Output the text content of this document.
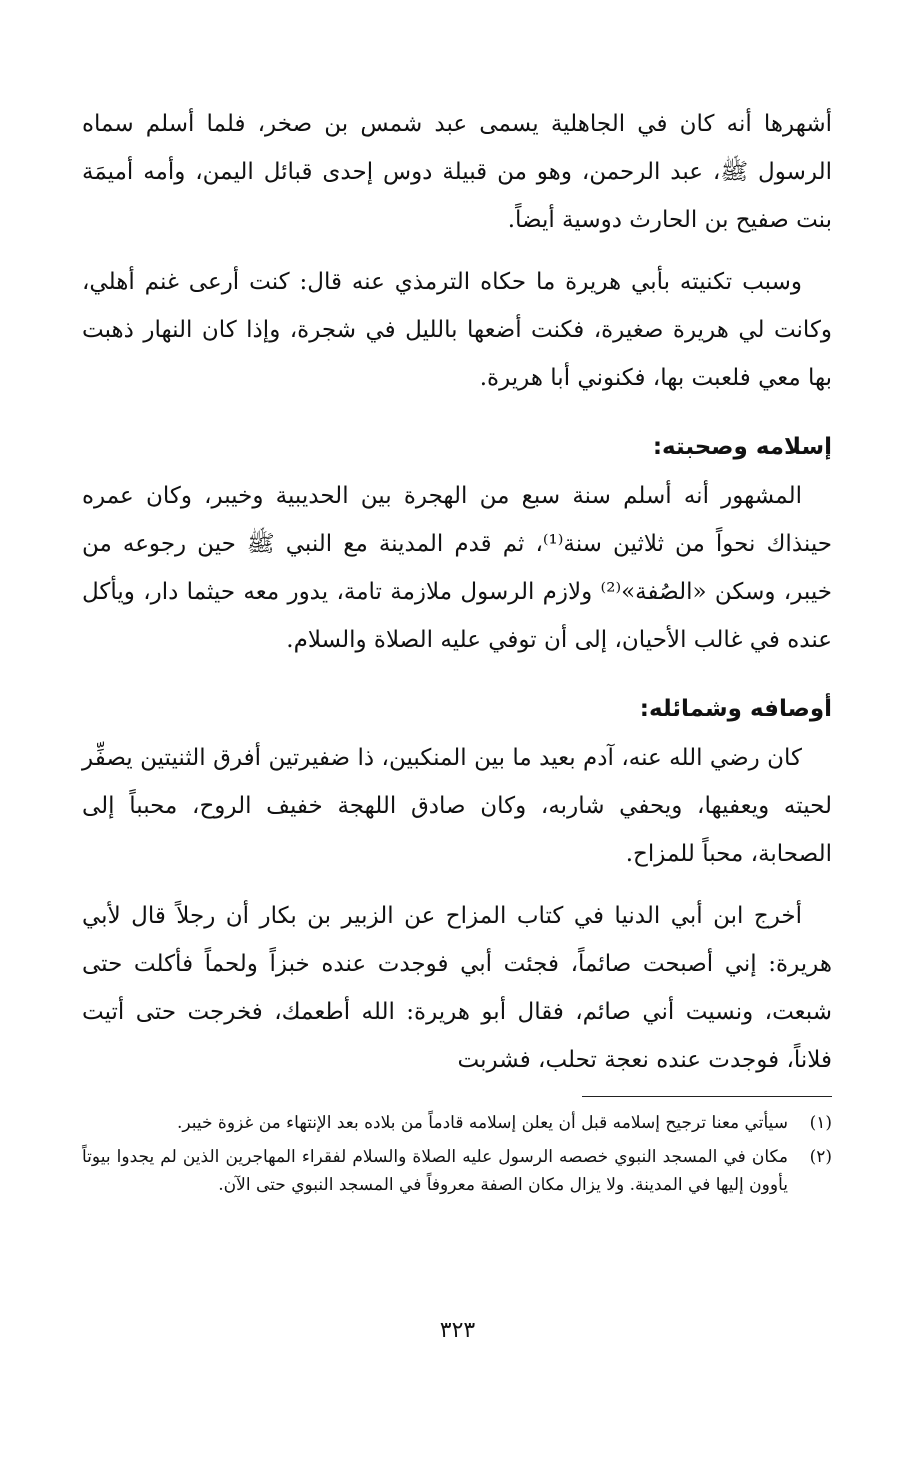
أشهرها أنه كان في الجاهلية يسمى عبد شمس بن صخر، فلما أسلم سماه الرسول ﷺ، عبد الرحمن، وهو من قبيلة دوس إحدى قبائل اليمن، وأمه أميمَة بنت صفيح بن الحارث دوسية أيضاً.

وسبب تكنيته بأبي هريرة ما حكاه الترمذي عنه قال: كنت أرعى غنم أهلي، وكانت لي هريرة صغيرة، فكنت أضعها بالليل في شجرة، وإذا كان النهار ذهبت بها معي فلعبت بها، فكنوني أبا هريرة.

إسلامه وصحبته:

المشهور أنه أسلم سنة سبع من الهجرة بين الحديبية وخيبر، وكان عمره حينذاك نحواً من ثلاثين سنة⁽¹⁾، ثم قدم المدينة مع النبي ﷺ حين رجوعه من خيبر، وسكن «الصُفة»⁽²⁾ ولازم الرسول ملازمة تامة، يدور معه حيثما دار، ويأكل عنده في غالب الأحيان، إلى أن توفي عليه الصلاة والسلام.

أوصافه وشمائله:

كان رضي الله عنه، آدم بعيد ما بين المنكبين، ذا ضفيرتين أفرق الثنيتين يصفِّر لحيته ويعفيها، ويحفي شاربه، وكان صادق اللهجة خفيف الروح، محبباً إلى الصحابة، محباً للمزاح.

أخرج ابن أبي الدنيا في كتاب المزاح عن الزبير بن بكار أن رجلاً قال لأبي هريرة: إني أصبحت صائماً، فجئت أبي فوجدت عنده خبزاً ولحماً فأكلت حتى شبعت، ونسيت أني صائم، فقال أبو هريرة: الله أطعمك، فخرجت حتى أتيت فلاناً، فوجدت عنده نعجة تحلب، فشربت

(١)
سيأتي معنا ترجيح إسلامه قبل أن يعلن إسلامه قادماً من بلاده بعد الإنتهاء من غزوة خيبر.
(٢)
مكان في المسجد النبوي خصصه الرسول عليه الصلاة والسلام لفقراء المهاجرين الذين لم يجدوا بيوتاً يأوون إليها في المدينة. ولا يزال مكان الصفة معروفاً في المسجد النبوي حتى الآن.
٣٢٣
